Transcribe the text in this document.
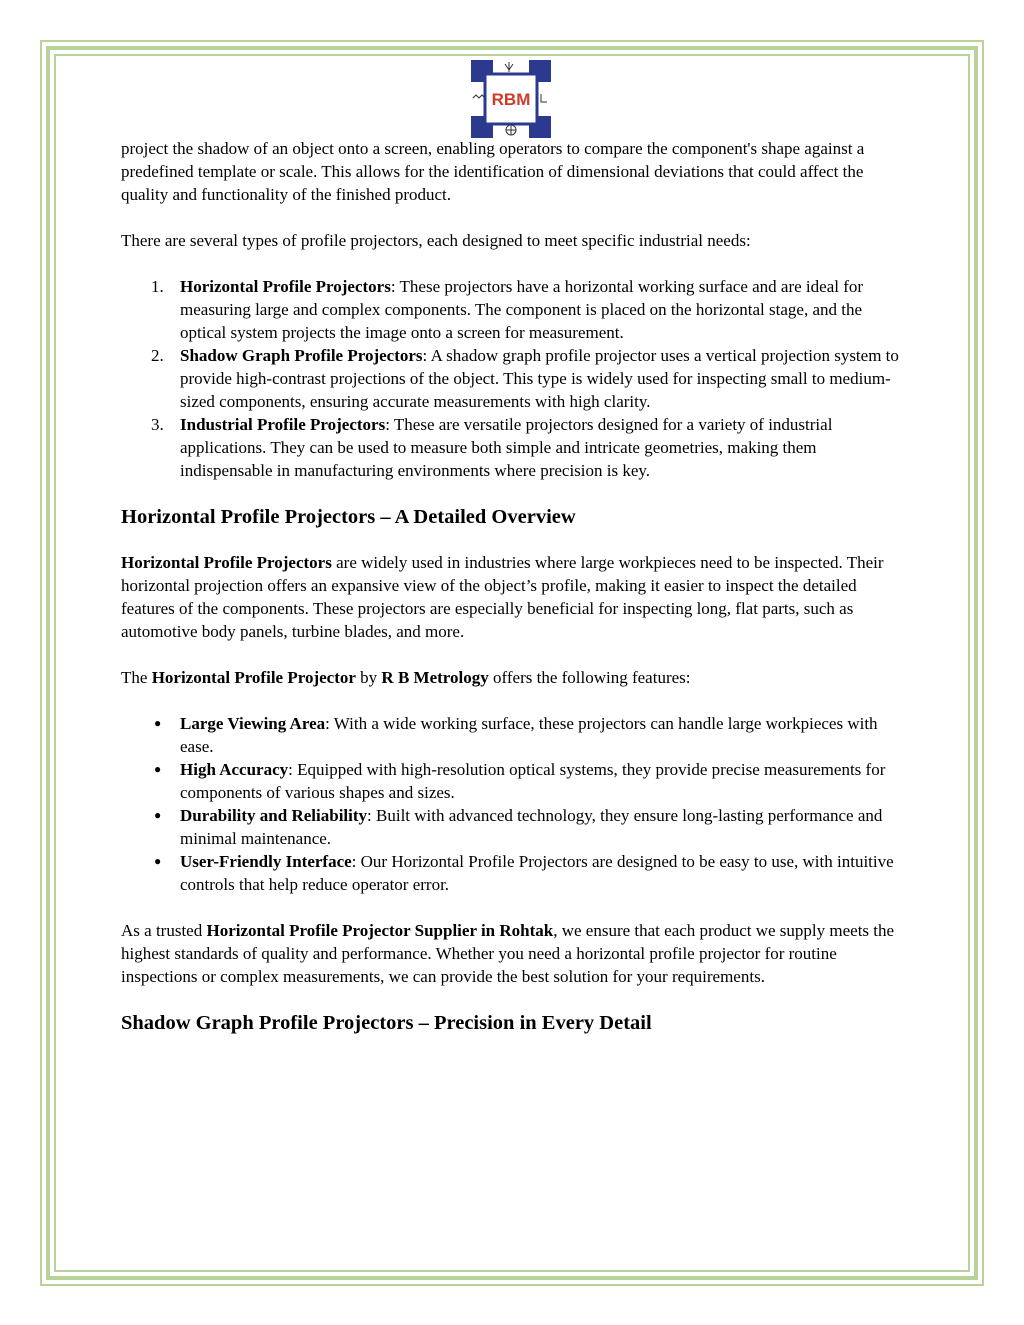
RBM

project the shadow of an object onto a screen, enabling operators to compare the component's shape against a predefined template or scale. This allows for the identification of dimensional deviations that could affect the quality and functionality of the finished product.

There are several types of profile projectors, each designed to meet specific industrial needs:

1. Horizontal Profile Projectors: These projectors have a horizontal working surface and are ideal for measuring large and complex components. The component is placed on the horizontal stage, and the optical system projects the image onto a screen for measurement.
2. Shadow Graph Profile Projectors: A shadow graph profile projector uses a vertical projection system to provide high-contrast projections of the object. This type is widely used for inspecting small to medium-sized components, ensuring accurate measurements with high clarity.
3. Industrial Profile Projectors: These are versatile projectors designed for a variety of industrial applications. They can be used to measure both simple and intricate geometries, making them indispensable in manufacturing environments where precision is key.
Horizontal Profile Projectors – A Detailed Overview

Horizontal Profile Projectors are widely used in industries where large workpieces need to be inspected. Their horizontal projection offers an expansive view of the object’s profile, making it easier to inspect the detailed features of the components. These projectors are especially beneficial for inspecting long, flat parts, such as automotive body panels, turbine blades, and more.

The Horizontal Profile Projector by R B Metrology offers the following features:

● Large Viewing Area: With a wide working surface, these projectors can handle large workpieces with ease.
● High Accuracy: Equipped with high-resolution optical systems, they provide precise measurements for components of various shapes and sizes.
● Durability and Reliability: Built with advanced technology, they ensure long-lasting performance and minimal maintenance.
● User-Friendly Interface: Our Horizontal Profile Projectors are designed to be easy to use, with intuitive controls that help reduce operator error.

As a trusted Horizontal Profile Projector Supplier in Rohtak, we ensure that each product we supply meets the highest standards of quality and performance. Whether you need a horizontal profile projector for routine inspections or complex measurements, we can provide the best solution for your requirements.

Shadow Graph Profile Projectors – Precision in Every Detail
